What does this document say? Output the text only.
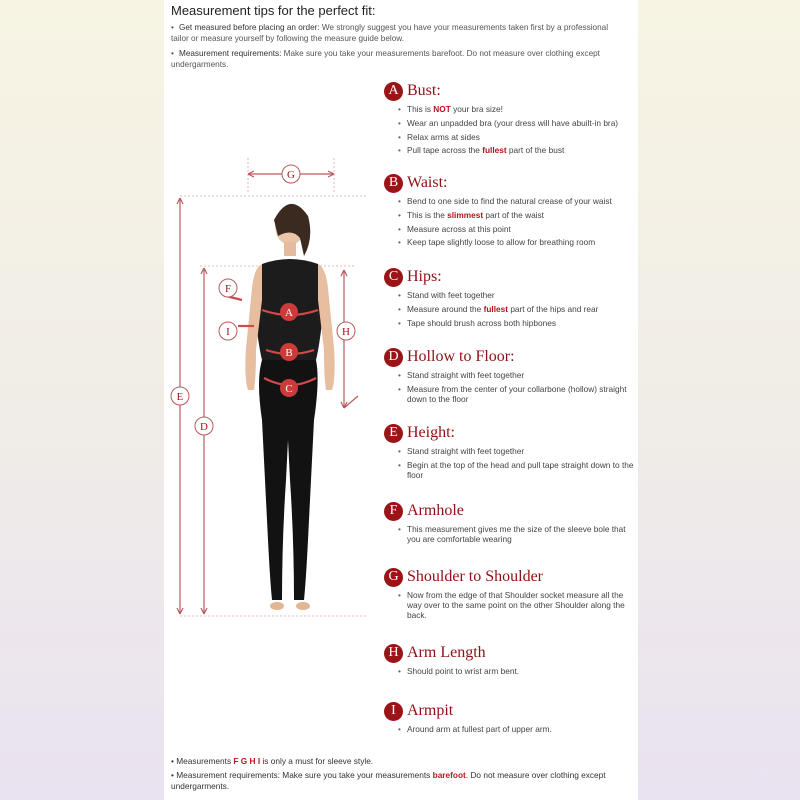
Measurement tips for the perfect fit:
• Get measured before placing an order: We strongly suggest you have your measurements taken first by a professional tailor or measure yourself by following the measure guide below.
• Measurement requirements: Make sure you take your measurements barefoot. Do not measure over clothing except undergarments.
G
F
A
I	H
B
C
E
D
A Bust:
• This is NOT your bra size!
• Wear an unpadded bra (your dress will have abuilt-in bra)
• Relax arms at sides
• Pull tape across the fullest part of the bust
B Waist:
• Bend to one side to find the natural crease of your waist
• This is the slimmest part of the waist
• Measure across at this point
• Keep tape slightly loose to allow for breathing room
C Hips:
• Stand with feet together
• Measure around the fullest part of the hips and rear
• Tape should brush across both hipbones
D Hollow to Floor:
• Stand straight with feet together
• Measure from the center of your collarbone (hollow) straight down to the floor
E Height:
• Stand straight with feet together
• Begin at the top of the head and pull tape straight down to the floor
F Armhole
• This measurement gives me the size of the sleeve bole that you are comfortable wearing
G Shoulder to Shoulder
• Now from the edge of that Shoulder socket measure all the way over to the same point on the other Shoulder along the back.
H Arm Length
• Should point to wrist arm bent.
I Armpit
• Around arm at fullest part of upper arm.
• Measurements F G H I is only a must for sleeve style.
• Measurement requirements: Make sure you take your measurements barefoot. Do not measure over clothing except undergarments.
